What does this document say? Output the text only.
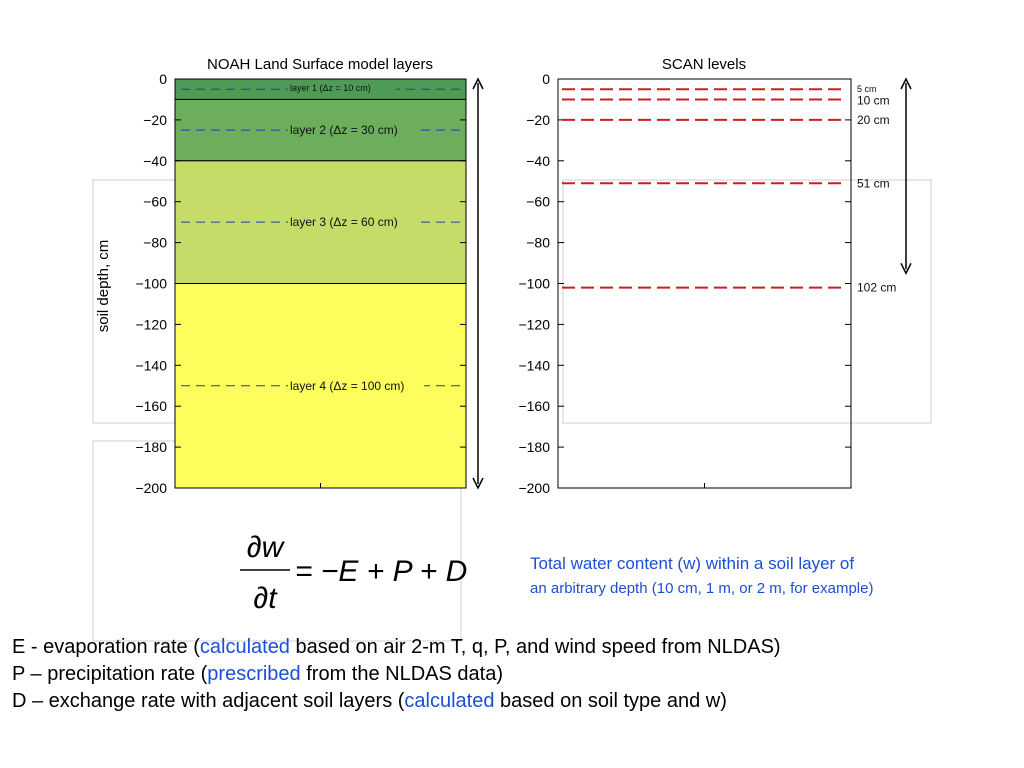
NOAH Land Surface model layers
soil depth, cm
layer 1 (Δz = 10 cm)
layer 2 (Δz = 30 cm)
layer 3 (Δz = 60 cm)
layer 4 (Δz = 100 cm)
0
−20
−40
−60
−80
−100
−120
−140
−160
−180
−200
SCAN levels
0
−20
−40
−60
−80
−100
−120
−140
−160
−180
−200
5 cm
10 cm
20 cm
51 cm
102 cm
∂w
∂t
= −E + P + D	Total water content (w) within a soil layer of
an arbitrary depth (10 cm, 1 m, or 2 m, for example)
E - evaporation rate (calculated based on air 2-m T, q, P, and wind speed from NLDAS)
P – precipitation rate (prescribed from the NLDAS data)
D – exchange rate with adjacent soil layers (calculated based on soil type and w)
